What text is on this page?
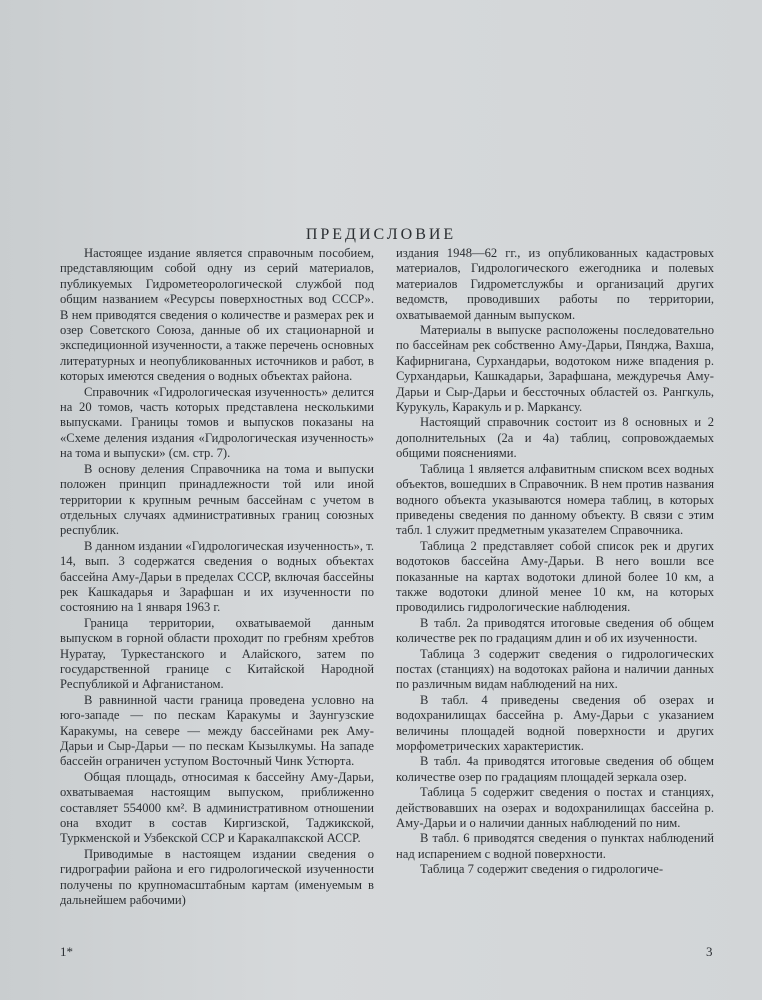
ПРЕДИСЛОВИЕ

Настоящее издание является справочным пособием, представляющим собой одну из серий материалов, публикуемых Гидрометеорологической службой под общим названием «Ресурсы поверхностных вод СССР». В нем приводятся сведения о количестве и размерах рек и озер Советского Союза, данные об их стационарной и экспедиционной изученности, а также перечень основных литературных и неопубликованных источников и работ, в которых имеются сведения о водных объектах района.

Справочник «Гидрологическая изученность» делится на 20 томов, часть которых представлена несколькими выпусками. Границы томов и выпусков показаны на «Схеме деления издания «Гидрологическая изученность» на тома и выпуски» (см. стр. 7).

В основу деления Справочника на тома и выпуски положен принцип принадлежности той или иной территории к крупным речным бассейнам с учетом в отдельных случаях административных границ союзных республик.

В данном издании «Гидрологическая изученность», т. 14, вып. 3 содержатся сведения о водных объектах бассейна Аму-Дарьи в пределах СССР, включая бассейны рек Кашкадарья и Зарафшан и их изученности по состоянию на 1 января 1963 г.

Граница территории, охватываемой данным выпуском в горной области проходит по гребням хребтов Нуратау, Туркестанского и Алайского, затем по государственной границе с Китайской Народной Республикой и Афганистаном.

В равнинной части граница проведена условно на юго-западе — по пескам Каракумы и Заунгузские Каракумы, на севере — между бассейнами рек Аму-Дарьи и Сыр-Дарьи — по пескам Кызылкумы. На западе бассейн ограничен уступом Восточный Чинк Устюрта.

Общая площадь, относимая к бассейну Аму-Дарьи, охватываемая настоящим выпуском, приближенно составляет 554000 км². В административном отношении она входит в состав Киргизской, Таджикской, Туркменской и Узбекской ССР и Каракалпакской АССР.

Приводимые в настоящем издании сведения о гидрографии района и его гидрологической изученности получены по крупномасштабным картам (именуемым в дальнейшем рабочими)

издания 1948—62 гг., из опубликованных кадастровых материалов, Гидрологического ежегодника и полевых материалов Гидрометслужбы и организаций других ведомств, проводивших работы по территории, охватываемой данным выпуском.

Материалы в выпуске расположены последовательно по бассейнам рек собственно Аму-Дарьи, Пянджа, Вахша, Кафирнигана, Сурхандарьи, водотоком ниже впадения р. Сурхандарьи, Кашкадарьи, Зарафшана, междуречья Аму-Дарьи и Сыр-Дарьи и бессточных областей оз. Рангкуль, Курукуль, Каракуль и р. Маркансу.

Настоящий справочник состоит из 8 основных и 2 дополнительных (2а и 4а) таблиц, сопровождаемых общими пояснениями.

Таблица 1 является алфавитным списком всех водных объектов, вошедших в Справочник. В нем против названия водного объекта указываются номера таблиц, в которых приведены сведения по данному объекту. В связи с этим табл. 1 служит предметным указателем Справочника.

Таблица 2 представляет собой список рек и других водотоков бассейна Аму-Дарьи. В него вошли все показанные на картах водотоки длиной более 10 км, а также водотоки длиной менее 10 км, на которых проводились гидрологические наблюдения.

В табл. 2а приводятся итоговые сведения об общем количестве рек по градациям длин и об их изученности.

Таблица 3 содержит сведения о гидрологических постах (станциях) на водотоках района и наличии данных по различным видам наблюдений на них.

В табл. 4 приведены сведения об озерах и водохранилищах бассейна р. Аму-Дарьи с указанием величины площадей водной поверхности и других морфометрических характеристик.

В табл. 4а приводятся итоговые сведения об общем количестве озер по градациям площадей зеркала озер.

Таблица 5 содержит сведения о постах и станциях, действовавших на озерах и водохранилищах бассейна р. Аму-Дарьи и о наличии данных наблюдений по ним.

В табл. 6 приводятся сведения о пунктах наблюдений над испарением с водной поверхности.

Таблица 7 содержит сведения о гидрологиче-

1*	3
